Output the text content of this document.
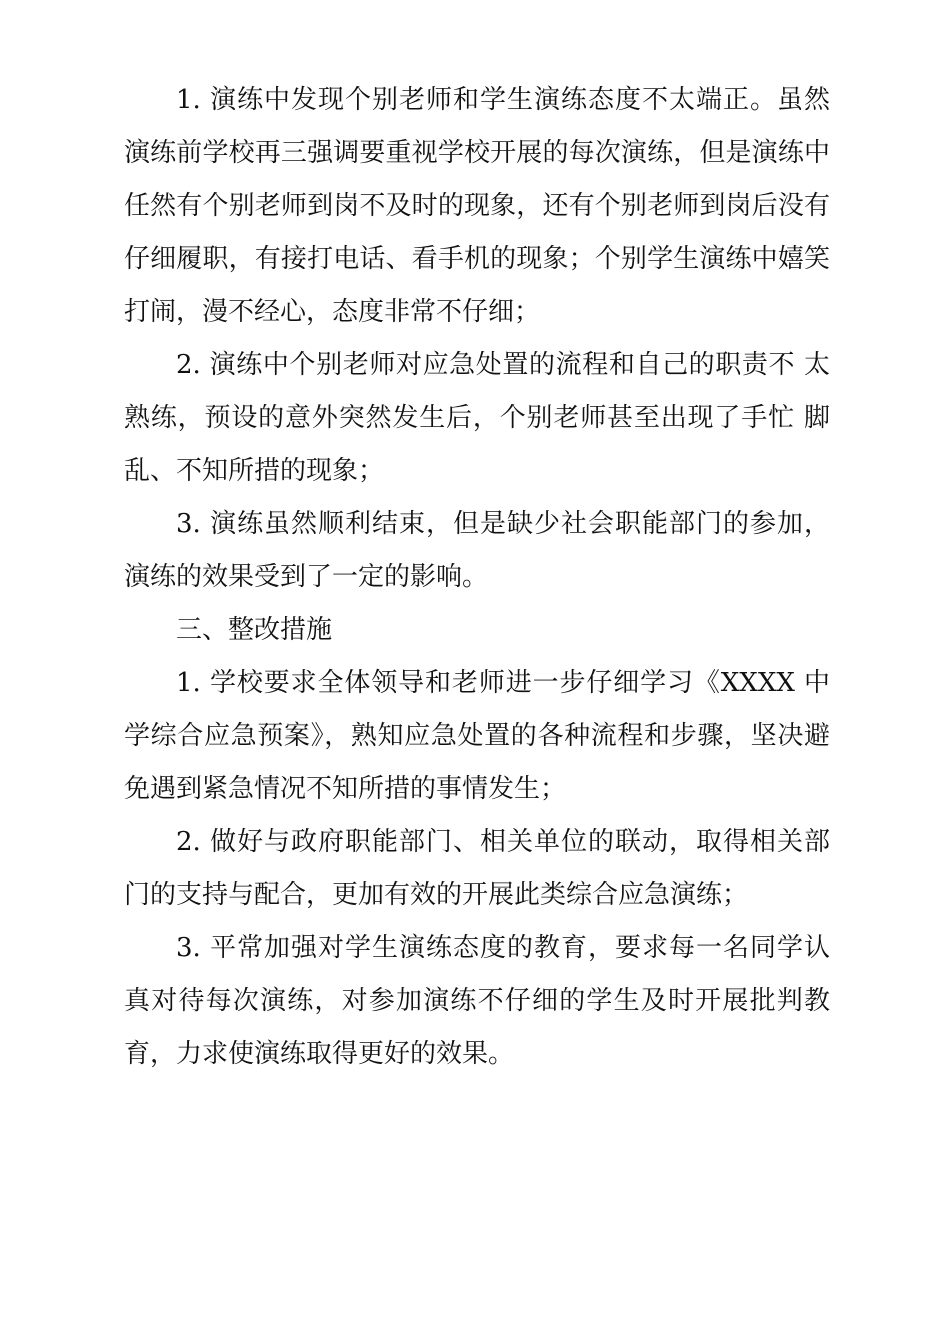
1. 演练中发现个别老师和学生演练态度不太端正。虽然演练前学校再三强调要重视学校开展的每次演练，但是演练中任然有个别老师到岗不及时的现象，还有个别老师到岗后没有仔细履职，有接打电话、看手机的现象；个别学生演练中嬉笑打闹，漫不经心，态度非常不仔细；

2. 演练中个别老师对应急处置的流程和自己的职责不 太熟练，预设的意外突然发生后，个别老师甚至出现了手忙 脚乱、不知所措的现象；

3. 演练虽然顺利结束，但是缺少社会职能部门的参加，演练的效果受到了一定的影响。

三、整改措施

1. 学校要求全体领导和老师进一步仔细学习《XXXX 中学综合应急预案》，熟知应急处置的各种流程和步骤，坚决避免遇到紧急情况不知所措的事情发生；

2. 做好与政府职能部门、相关单位的联动，取得相关部门的支持与配合，更加有效的开展此类综合应急演练；

3. 平常加强对学生演练态度的教育，要求每一名同学认真对待每次演练，对参加演练不仔细的学生及时开展批判教育，力求使演练取得更好的效果。
